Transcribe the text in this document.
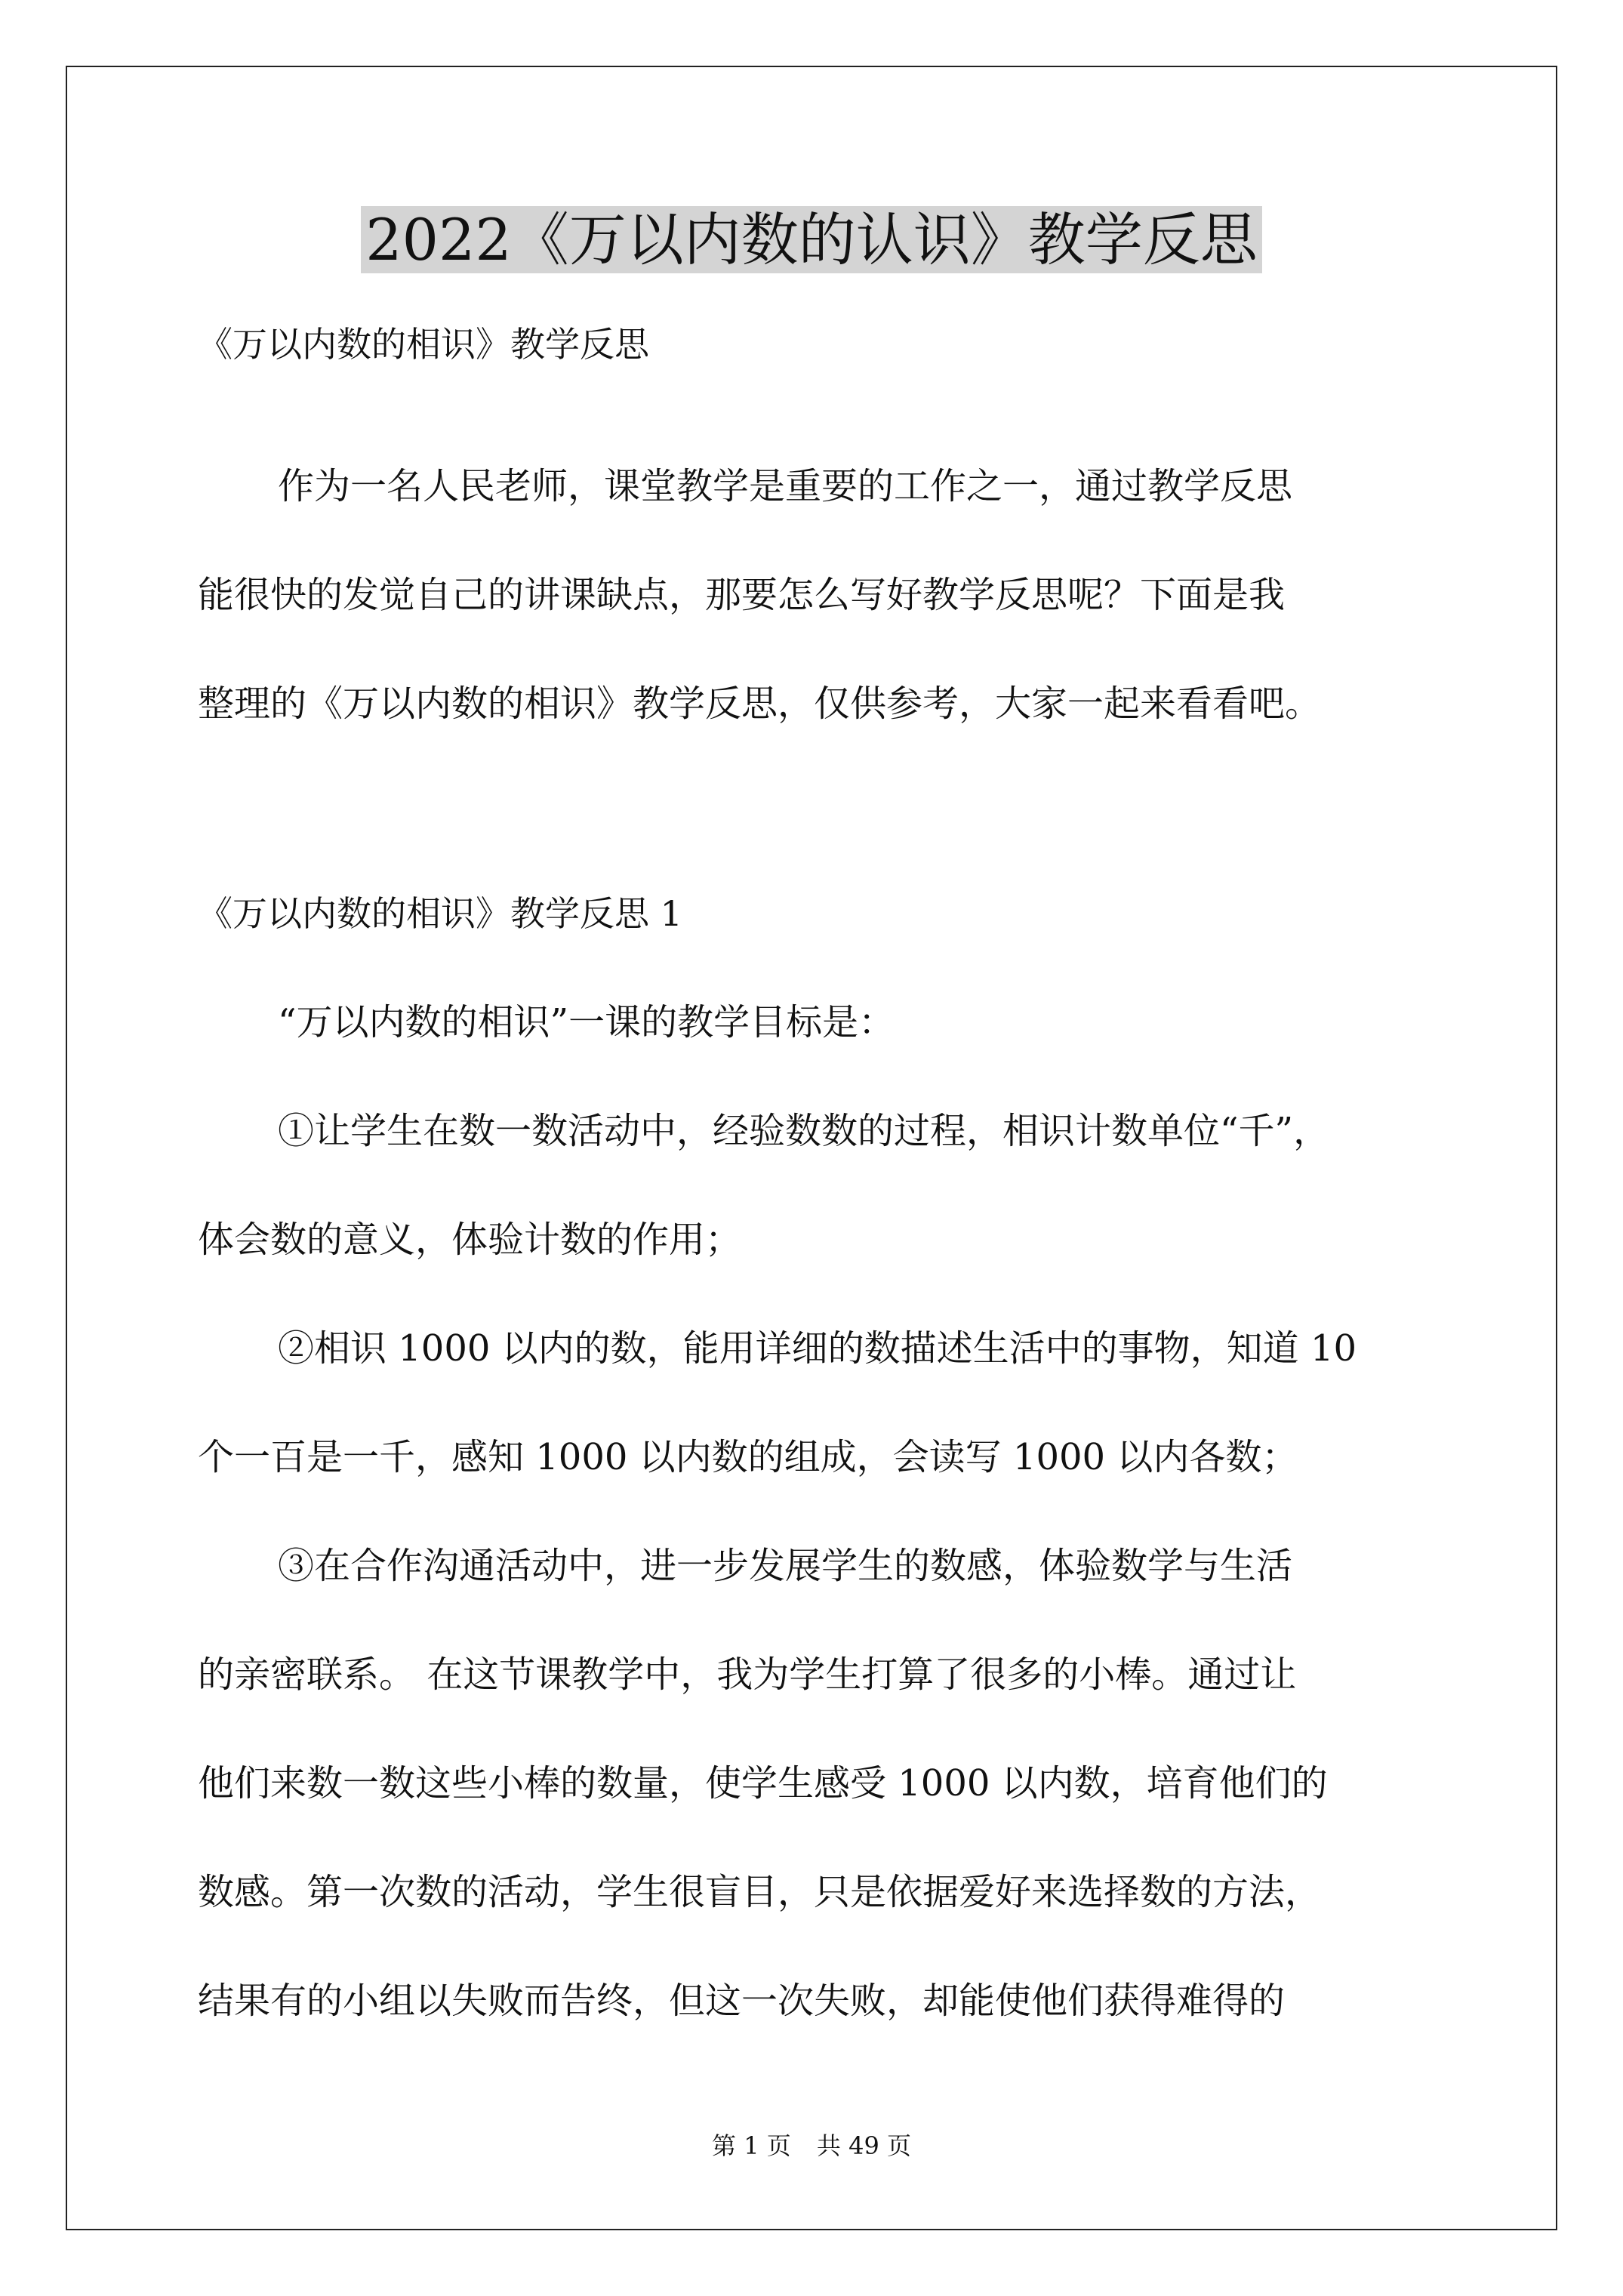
2022《万以内数的认识》教学反思
《万以内数的相识》教学反思
作为一名人民老师，课堂教学是重要的工作之一，通过教学反思
能很快的发觉自己的讲课缺点，那要怎么写好教学反思呢？下面是我
整理的《万以内数的相识》教学反思，仅供参考，大家一起来看看吧。
《万以内数的相识》教学反思 1
“万以内数的相识”一课的教学目标是：
①让学生在数一数活动中，经验数数的过程，相识计数单位“千”，
体会数的意义，体验计数的作用；
②相识 1000 以内的数，能用详细的数描述生活中的事物，知道 10
个一百是一千，感知 1000 以内数的组成，会读写 1000 以内各数；
③在合作沟通活动中，进一步发展学生的数感，体验数学与生活
的亲密联系。 在这节课教学中，我为学生打算了很多的小棒。通过让
他们来数一数这些小棒的数量，使学生感受 1000 以内数，培育他们的
数感。第一次数的活动，学生很盲目，只是依据爱好来选择数的方法，
结果有的小组以失败而告终，但这一次失败，却能使他们获得难得的
第 1 页 共 49 页
